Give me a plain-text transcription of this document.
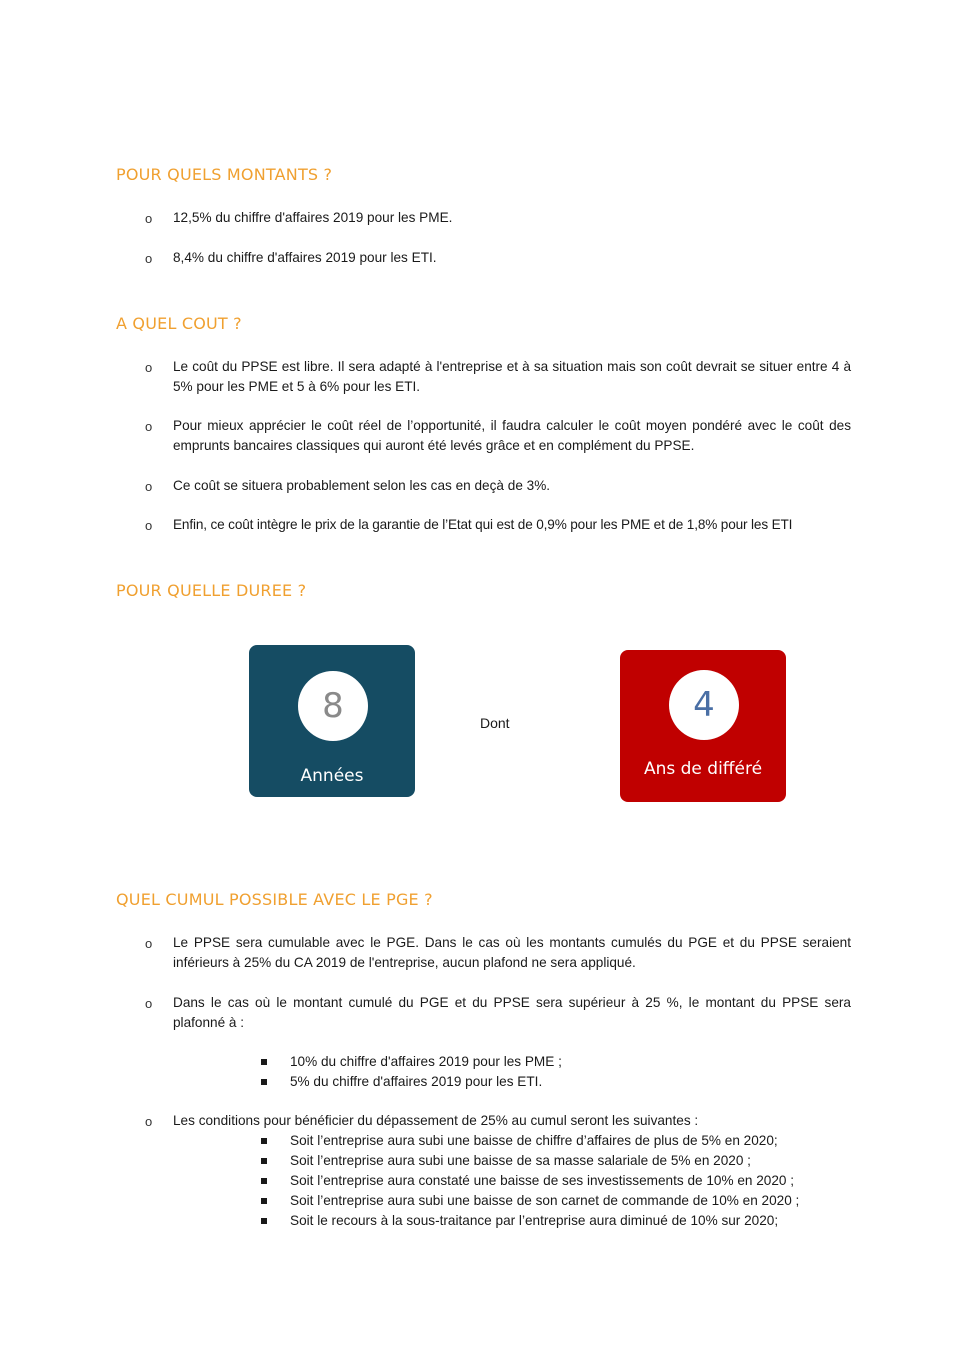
POUR QUELS MONTANTS ?
o 12,5% du chiffre d'affaires 2019 pour les PME.
o 8,4% du chiffre d'affaires 2019 pour les ETI.
A QUEL COUT ?
o Le coût du PPSE est libre. Il sera adapté à l'entreprise et à sa situation mais son coût devrait se situer entre 4 à 5% pour les PME et 5 à 6% pour les ETI.
o Pour mieux apprécier le coût réel de l’opportunité, il faudra calculer le coût moyen pondéré avec le coût des emprunts bancaires classiques qui auront été levés grâce et en complément du PPSE.
o Ce coût se situera probablement selon les cas en deçà de 3%.
o Enfin, ce coût intègre le prix de la garantie de l’Etat qui est de 0,9% pour les PME et de 1,8% pour les ETI
POUR QUELLE DUREE ?
8
Années
Dont	4
Ans de différé
QUEL CUMUL POSSIBLE AVEC LE PGE ?
o Le PPSE sera cumulable avec le PGE. Dans le cas où les montants cumulés du PGE et du PPSE seraient inférieurs à 25% du CA 2019 de l'entreprise, aucun plafond ne sera appliqué.
o Dans le cas où le montant cumulé du PGE et du PPSE sera supérieur à 25 %, le montant du PPSE sera plafonné à :
10% du chiffre d'affaires 2019 pour les PME ;
5% du chiffre d'affaires 2019 pour les ETI.
o Les conditions pour bénéficier du dépassement de 25% au cumul seront les suivantes :
Soit l’entreprise aura subi une baisse de chiffre d’affaires de plus de 5% en 2020;
Soit l’entreprise aura subi une baisse de sa masse salariale de 5% en 2020 ;
Soit l’entreprise aura constaté une baisse de ses investissements de 10% en 2020 ;
Soit l’entreprise aura subi une baisse de son carnet de commande de 10% en 2020 ;
Soit le recours à la sous-traitance par l’entreprise aura diminué de 10% sur 2020;
